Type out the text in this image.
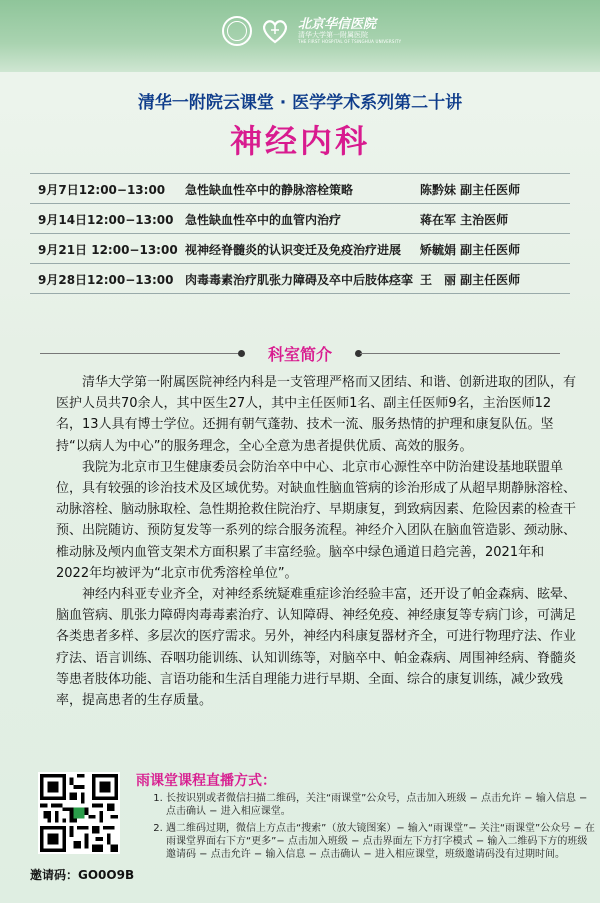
北京华信医院
清华大学第一附属医院
THE FIRST HOSPITAL OF TSINGHUA UNIVERSITY
清华一附院云课堂 · 医学学术系列第二十讲
神经内科
9月7日12:00−13:00 急性缺血性卒中的静脉溶栓策略	陈黔妹 副主任医师
9月14日12:00−13:00 急性缺血性卒中的血管内治疗	蒋在军 主治医师
9月21日 12:00−13:00 视神经脊髓炎的认识变迁及免疫治疗进展 矫毓娟 副主任医师
9月28日12:00−13:00 肉毒毒素治疗肌张力障碍及卒中后肢体痉挛 王　丽 副主任医师
科室简介

清华大学第一附属医院神经内科是一支管理严格而又团结、和谐、创新进取的团队，有医护人员共70余人，其中医生27人，其中主任医师1名、副主任医师9名，主治医师12名，13人具有博士学位。还拥有朝气蓬勃、技术一流、服务热情的护理和康复队伍。坚持“以病人为中心”的服务理念，全心全意为患者提供优质、高效的服务。

我院为北京市卫生健康委员会防治卒中中心、北京市心源性卒中防治建设基地联盟单位，具有较强的诊治技术及区域优势。对缺血性脑血管病的诊治形成了从超早期静脉溶栓、动脉溶栓、脑动脉取栓、急性期抢救住院治疗、早期康复，到致病因素、危险因素的检查干预、出院随访、预防复发等一系列的综合服务流程。神经介入团队在脑血管造影、颈动脉、椎动脉及颅内血管支架术方面积累了丰富经验。脑卒中绿色通道日趋完善，2021年和2022年均被评为“北京市优秀溶栓单位”。

神经内科亚专业齐全，对神经系统疑难重症诊治经验丰富，还开设了帕金森病、眩晕、脑血管病、肌张力障碍肉毒毒素治疗、认知障碍、神经免疫、神经康复等专病门诊，可满足各类患者多样、多层次的医疗需求。另外，神经内科康复器材齐全，可进行物理疗法、作业疗法、语言训练、吞咽功能训练、认知训练等，对脑卒中、帕金森病、周围神经病、脊髓炎等患者肢体功能、言语功能和生活自理能力进行早期、全面、综合的康复训练，减少致残率，提高患者的生存质量。

邀请码：GO0O9B
雨课堂课程直播方式：
1. 长按识别或者微信扫描二维码，关注“雨课堂”公众号，点击加入班级 − 点击允许 − 输入信息 − 点击确认 − 进入相应课堂。
2. 遇二维码过期，微信上方点击“搜索”（放大镜图案）− 输入“雨课堂”− 关注“雨课堂”公众号 − 在雨课堂界面右下方“更多”− 点击加入班级 − 点击界面左下方打字模式 − 输入二维码下方的班级邀请码 − 点击允许 − 输入信息 − 点击确认 − 进入相应课堂，班级邀请码没有过期时间。
